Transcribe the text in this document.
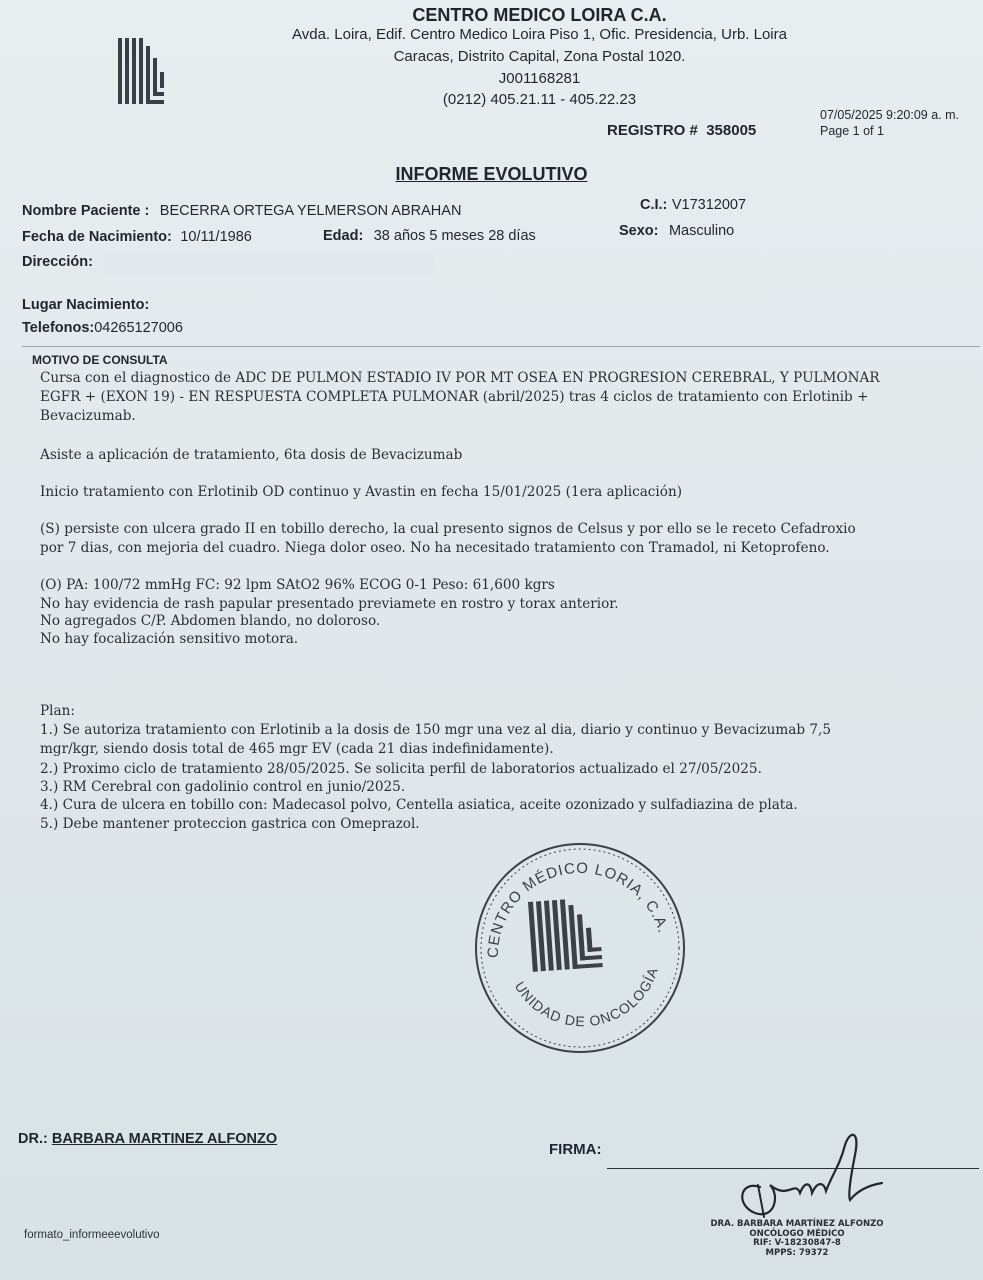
CENTRO MEDICO LOIRA C.A.
Avda. Loira, Edif. Centro Medico Loira Piso 1, Ofic. Presidencia, Urb. Loira
Caracas, Distrito Capital, Zona Postal 1020.
J001168281
(0212) 405.21.11 - 405.22.23
07/05/2025 9:20:09 a. m.
Page 1 of 1
REGISTRO # 358005
INFORME EVOLUTIVO
Nombre Paciente : BECERRA ORTEGA YELMERSON ABRAHAN	C.I.: V17312007
Fecha de Nacimiento: 10/11/1986	Edad: 38 años 5 meses 28 días	Sexo: Masculino
Dirección:
Lugar Nacimiento:
Telefonos:04265127006
MOTIVO DE CONSULTA
Cursa con el diagnostico de ADC DE PULMON ESTADIO IV POR MT OSEA EN PROGRESION CEREBRAL, Y PULMONAR
EGFR + (EXON 19) - EN RESPUESTA COMPLETA PULMONAR (abril/2025) tras 4 ciclos de tratamiento con Erlotinib +
Bevacizumab.
Asiste a aplicación de tratamiento, 6ta dosis de Bevacizumab
Inicio tratamiento con Erlotinib OD continuo y Avastin en fecha 15/01/2025 (1era aplicación)
(S) persiste con ulcera grado II en tobillo derecho, la cual presento signos de Celsus y por ello se le receto Cefadroxio
por 7 dias, con mejoria del cuadro. Niega dolor oseo. No ha necesitado tratamiento con Tramadol, ni Ketoprofeno.
(O) PA: 100/72 mmHg FC: 92 lpm SAtO2 96% ECOG 0-1 Peso: 61,600 kgrs
No hay evidencia de rash papular presentado previamete en rostro y torax anterior.
No agregados C/P. Abdomen blando, no doloroso.
No hay focalización sensitivo motora.
Plan:
1.) Se autoriza tratamiento con Erlotinib a la dosis de 150 mgr una vez al dia, diario y continuo y Bevacizumab 7,5
mgr/kgr, siendo dosis total de 465 mgr EV (cada 21 dias indefinidamente).
2.) Proximo ciclo de tratamiento 28/05/2025. Se solicita perfil de laboratorios actualizado el 27/05/2025.
3.) RM Cerebral con gadolinio control en junio/2025.
4.) Cura de ulcera en tobillo con: Madecasol polvo, Centella asiatica, aceite ozonizado y sulfadiazina de plata.
5.) Debe mantener proteccion gastrica con Omeprazol.
CENTRO MÉDICO LORIA, C.A.
UNIDAD DE ONCOLOGÍA
DR.: BARBARA MARTINEZ ALFONZO
FIRMA:
DRA. BARBARA MARTÍNEZ ALFONZO
ONCÓLOGO MÉDICO
RIF: V-18230847-8
MPPS: 79372
formato_informeeevolutivo
